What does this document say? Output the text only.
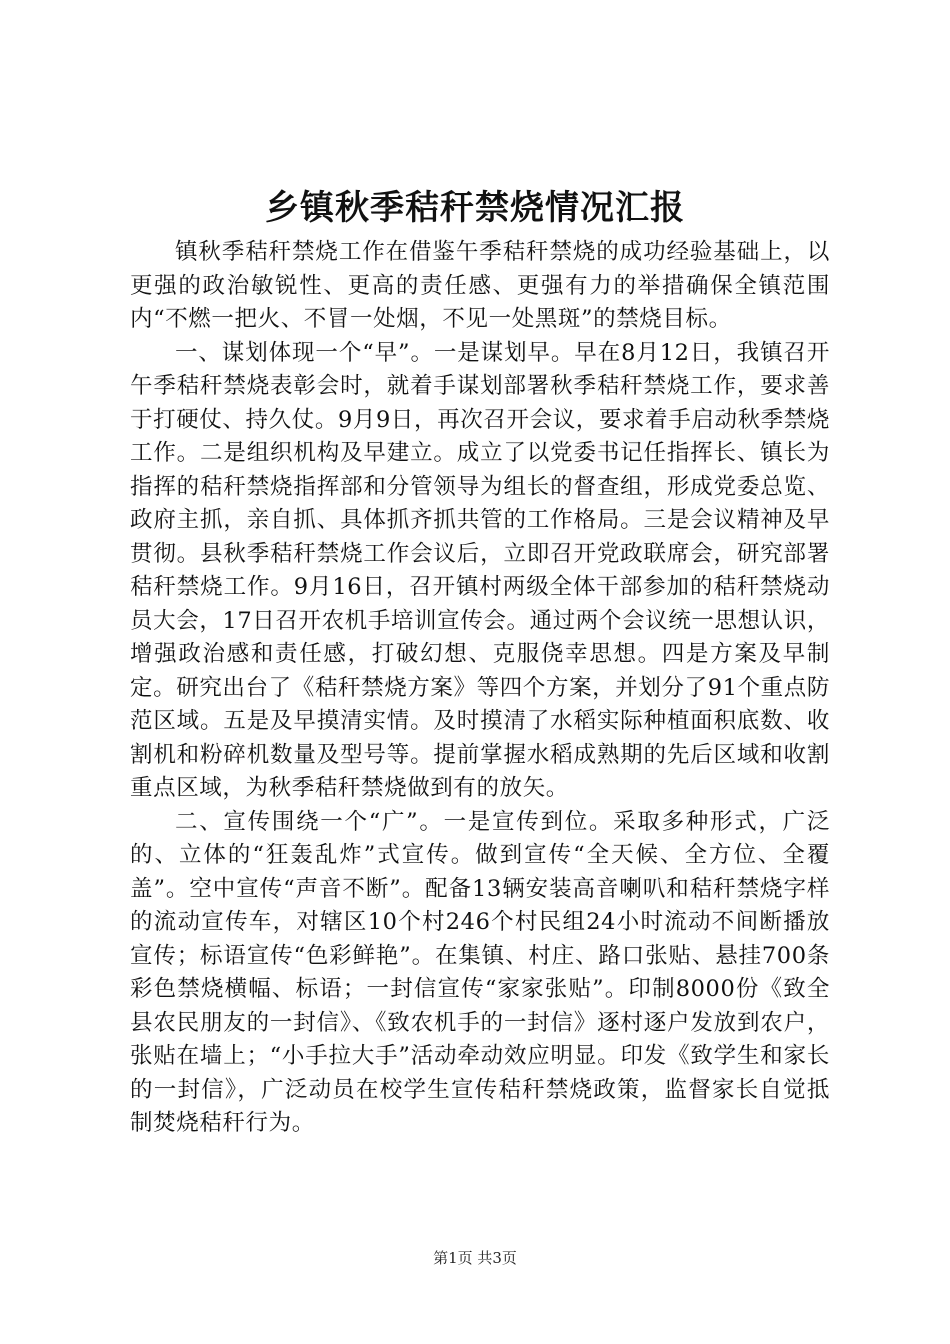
乡镇秋季秸秆禁烧情况汇报

镇秋季秸秆禁烧工作在借鉴午季秸秆禁烧的成功经验基础上，以更强的政治敏锐性、更高的责任感、更强有力的举措确保全镇范围内“不燃一把火、不冒一处烟，不见一处黑斑”的禁烧目标。

一、谋划体现一个“早”。一是谋划早。早在8月12日，我镇召开午季秸秆禁烧表彰会时，就着手谋划部署秋季秸秆禁烧工作，要求善于打硬仗、持久仗。9月9日，再次召开会议，要求着手启动秋季禁烧工作。二是组织机构及早建立。成立了以党委书记任指挥长、镇长为指挥的秸秆禁烧指挥部和分管领导为组长的督查组，形成党委总览、政府主抓，亲自抓、具体抓齐抓共管的工作格局。三是会议精神及早贯彻。县秋季秸秆禁烧工作会议后，立即召开党政联席会，研究部署秸秆禁烧工作。9月16日，召开镇村两级全体干部参加的秸秆禁烧动员大会，17日召开农机手培训宣传会。通过两个会议统一思想认识，增强政治感和责任感，打破幻想、克服侥幸思想。四是方案及早制定。研究出台了《秸秆禁烧方案》等四个方案，并划分了91个重点防范区域。五是及早摸清实情。及时摸清了水稻实际种植面积底数、收割机和粉碎机数量及型号等。提前掌握水稻成熟期的先后区域和收割重点区域，为秋季秸秆禁烧做到有的放矢。

二、宣传围绕一个“广”。一是宣传到位。采取多种形式，广泛的、立体的“狂轰乱炸”式宣传。做到宣传“全天候、全方位、全覆盖”。空中宣传“声音不断”。配备13辆安装高音喇叭和秸秆禁烧字样的流动宣传车，对辖区10个村246个村民组24小时流动不间断播放宣传；标语宣传“色彩鲜艳”。在集镇、村庄、路口张贴、悬挂700条彩色禁烧横幅、标语；一封信宣传“家家张贴”。印制8000份《致全县农民朋友的一封信》、《致农机手的一封信》逐村逐户发放到农户，张贴在墙上；“小手拉大手”活动牵动效应明显。印发《致学生和家长的一封信》，广泛动员在校学生宣传秸秆禁烧政策，监督家长自觉抵制焚烧秸秆行为。

第1页 共3页
